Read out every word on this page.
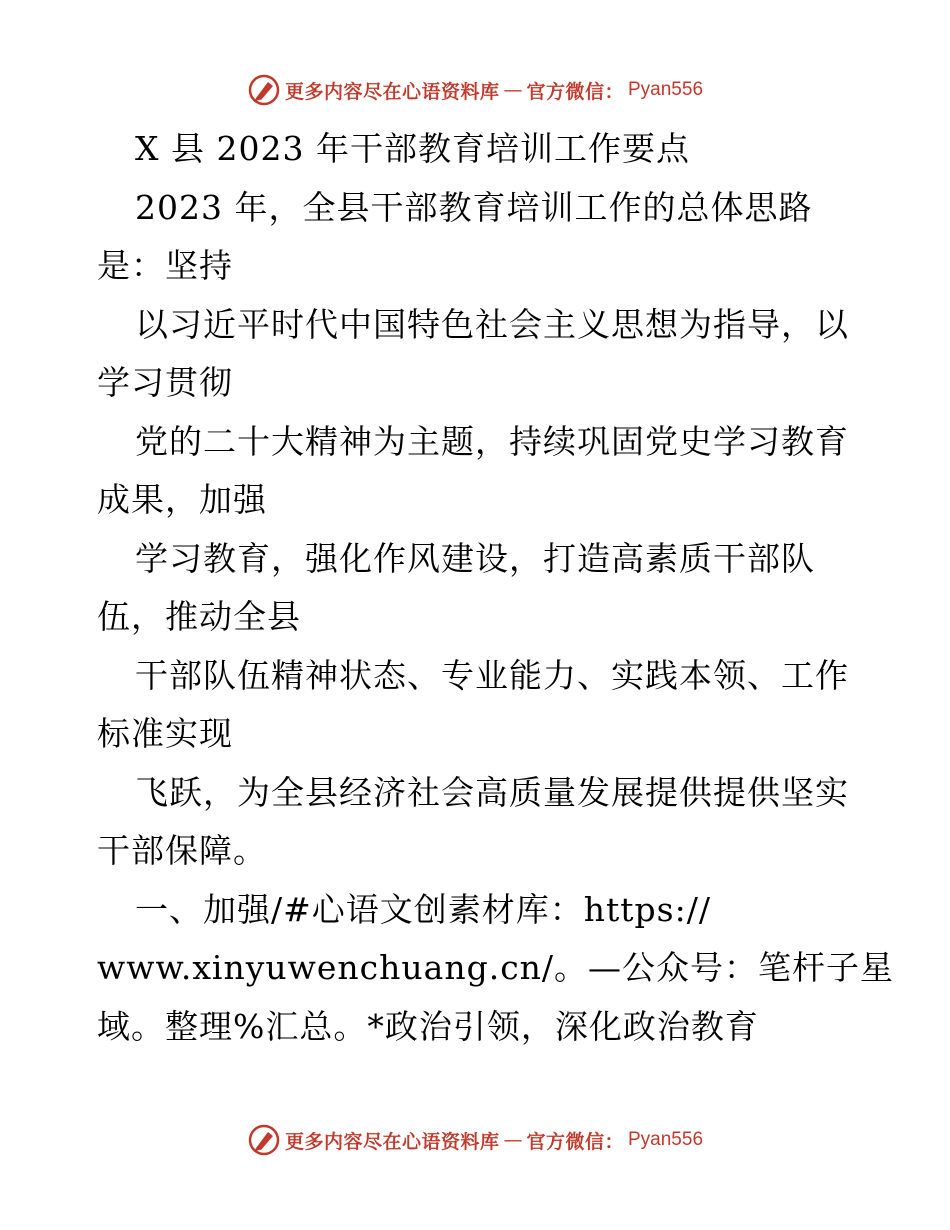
更多内容尽在心语资料库 — 官方微信： Pyan556
X 县 2023 年干部教育培训工作要点
2023 年，全县干部教育培训工作的总体思路
是：坚持
以习近平时代中国特色社会主义思想为指导，以
学习贯彻
党的二十大精神为主题，持续巩固党史学习教育
成果，加强
学习教育，强化作风建设，打造高素质干部队
伍，推动全县
干部队伍精神状态、专业能力、实践本领、工作
标准实现
飞跃，为全县经济社会高质量发展提供提供坚实
干部保障。
一、加强/#心语文创素材库：https://
www.xinyuwenchuang.cn/。—公众号：笔杆子星
域。整理%汇总。*政治引领，深化政治教育
更多内容尽在心语资料库 — 官方微信： Pyan556
